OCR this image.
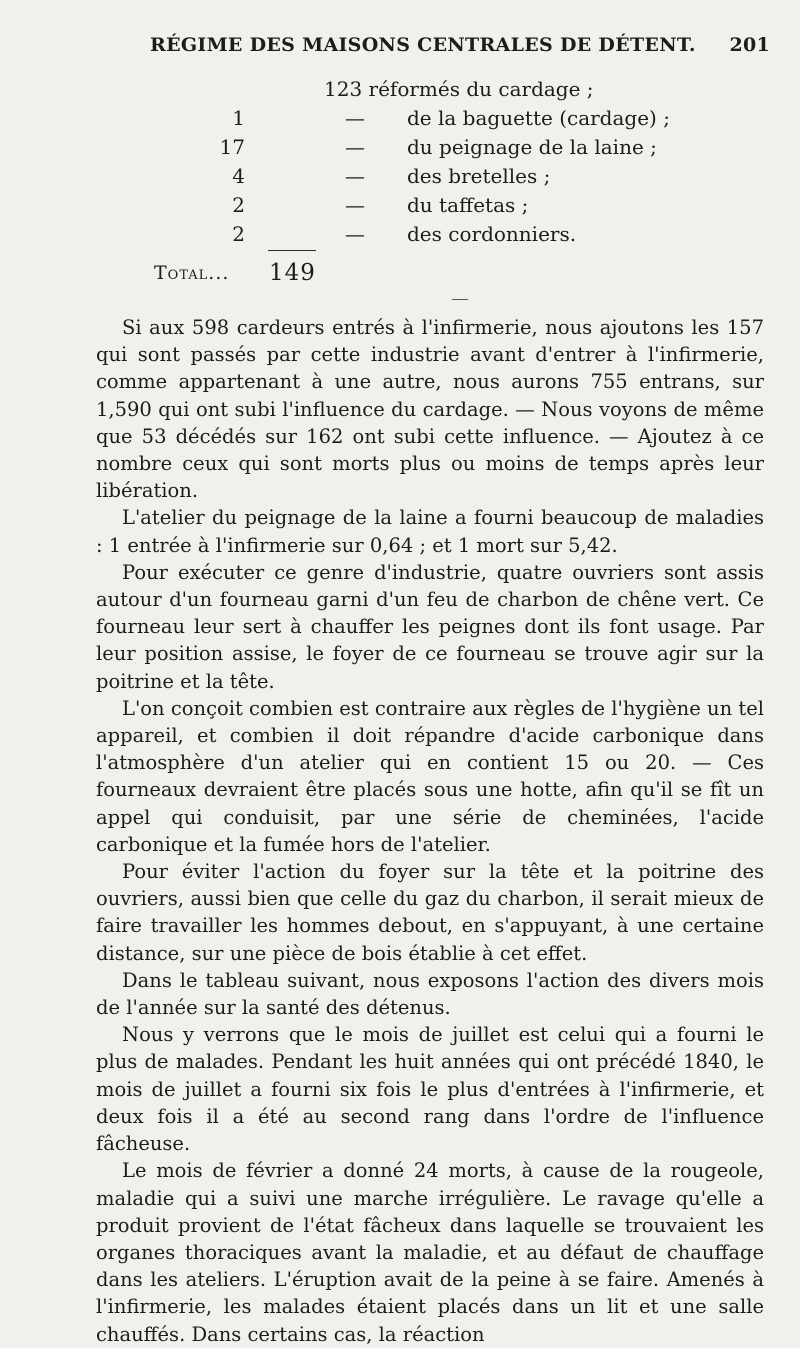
RÉGIME DES MAISONS CENTRALES DE DÉTENT. 201
123 réformés du cardage ;
1	— de la baguette (cardage) ;
17	— du peignage de la laine ;
4	— des bretelles ;
2	— du taffetas ;
2	— des cordonniers.
Total... 149

Si aux 598 cardeurs entrés à l'infirmerie, nous ajoutons les 157 qui sont passés par cette industrie avant d'entrer à l'infirmerie, comme appartenant à une autre, nous aurons 755 entrans, sur 1,590 qui ont subi l'influence du cardage. — Nous voyons de même que 53 décédés sur 162 ont subi cette influence. — Ajoutez à ce nombre ceux qui sont morts plus ou moins de temps après leur libération.

L'atelier du peignage de la laine a fourni beaucoup de maladies : 1 entrée à l'infirmerie sur 0,64 ; et 1 mort sur 5,42.

Pour exécuter ce genre d'industrie, quatre ouvriers sont assis autour d'un fourneau garni d'un feu de charbon de chêne vert. Ce fourneau leur sert à chauffer les peignes dont ils font usage. Par leur position assise, le foyer de ce fourneau se trouve agir sur la poitrine et la tête.

L'on conçoit combien est contraire aux règles de l'hygiène un tel appareil, et combien il doit répandre d'acide carbonique dans l'atmosphère d'un atelier qui en contient 15 ou 20. — Ces fourneaux devraient être placés sous une hotte, afin qu'il se fît un appel qui conduisit, par une série de cheminées, l'acide carbonique et la fumée hors de l'atelier.

Pour éviter l'action du foyer sur la tête et la poitrine des ouvriers, aussi bien que celle du gaz du charbon, il serait mieux de faire travailler les hommes debout, en s'appuyant, à une certaine distance, sur une pièce de bois établie à cet effet.

Dans le tableau suivant, nous exposons l'action des divers mois de l'année sur la santé des détenus.

Nous y verrons que le mois de juillet est celui qui a fourni le plus de malades. Pendant les huit années qui ont précédé 1840, le mois de juillet a fourni six fois le plus d'entrées à l'infirmerie, et deux fois il a été au second rang dans l'ordre de l'influence fâcheuse.

Le mois de février a donné 24 morts, à cause de la rougeole, maladie qui a suivi une marche irrégulière. Le ravage qu'elle a produit provient de l'état fâcheux dans laquelle se trouvaient les organes thoraciques avant la maladie, et au défaut de chauffage dans les ateliers. L'éruption avait de la peine à se faire. Amenés à l'infirmerie, les malades étaient placés dans un lit et une salle chauffés. Dans certains cas, la réaction
